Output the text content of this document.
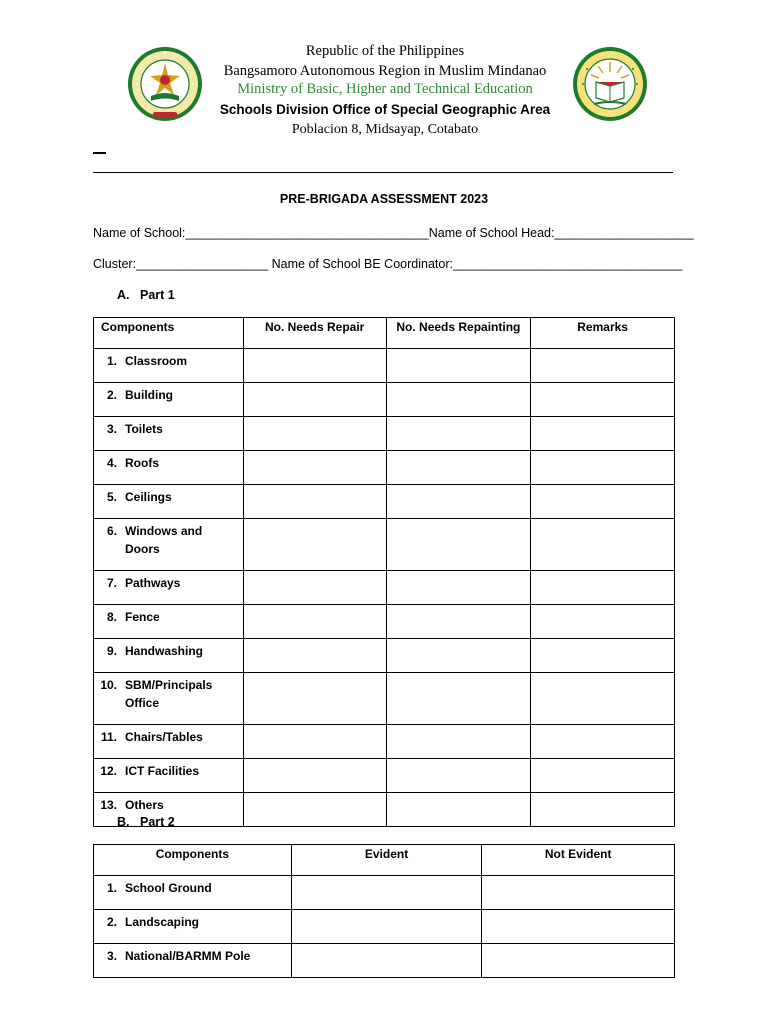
Republic of the Philippines
Bangsamoro Autonomous Region in Muslim Mindanao
Ministry of Basic, Higher and Technical Education
Schools Division Office of Special Geographic Area
Poblacion 8, Midsayap, Cotabato
PRE-BRIGADA ASSESSMENT 2023
Name of School:___________________________________Name of School Head:____________________
Cluster:___________________ Name of School BE Coordinator:_________________________________
A. Part 1
Components	No. Needs Repair	No. Needs Repainting	Remarks
1. Classroom			
2. Building			
3. Toilets			
4. Roofs			
5. Ceilings			
6. Windows and Doors			
7. Pathways			
8. Fence			
9. Handwashing			
10. SBM/Principals Office			
11. Chairs/Tables			
12. ICT Facilities			
13. Others			
B. Part 2
Components	Evident	Not Evident
1. School Ground		
2. Landscaping		
3. National/BARMM Pole		
